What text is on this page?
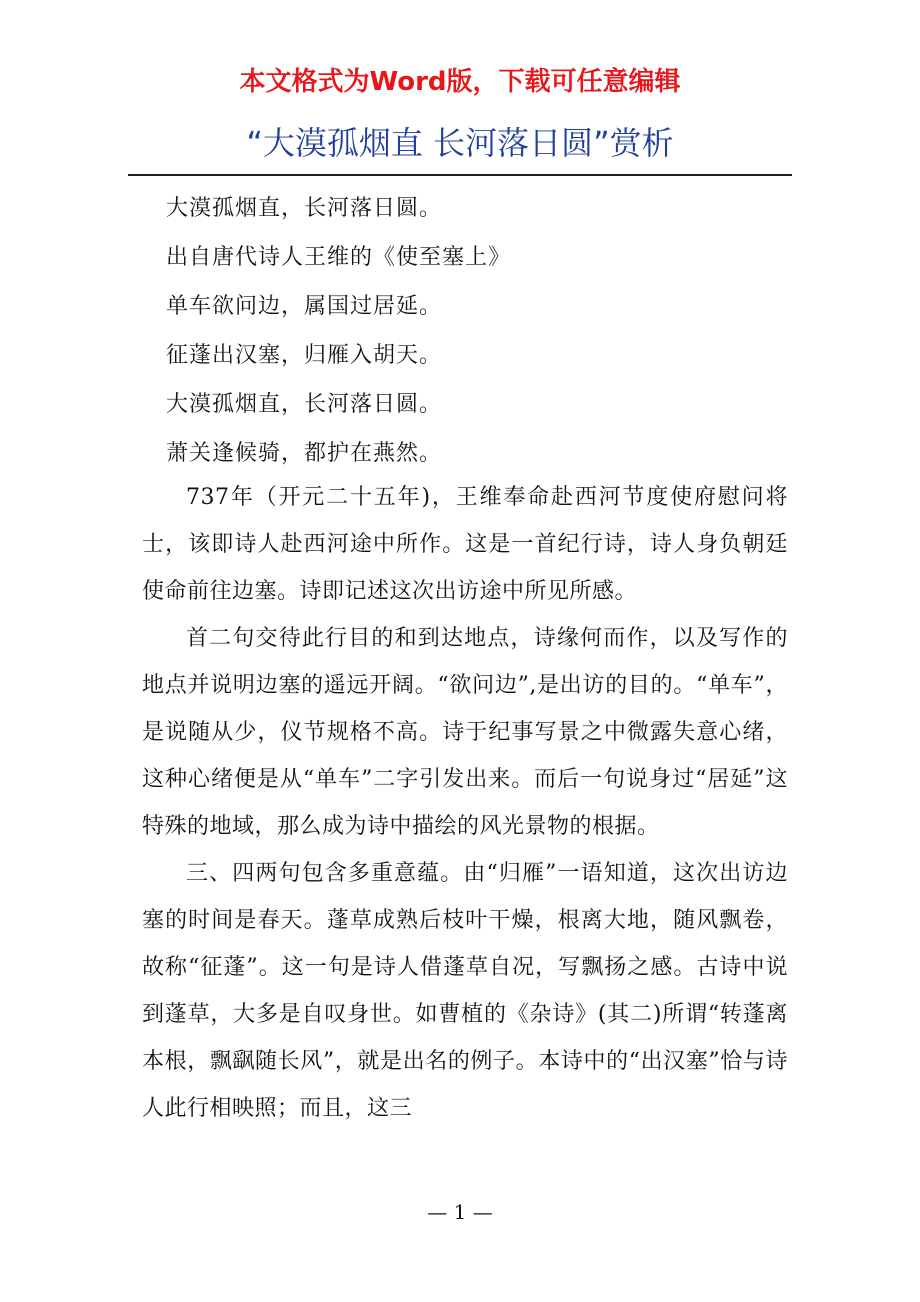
本文格式为Word版，下载可任意编辑
“大漠孤烟直 长河落日圆”赏析
大漠孤烟直，长河落日圆。
出自唐代诗人王维的《使至塞上》
单车欲问边，属国过居延。
征蓬出汉塞，归雁入胡天。
大漠孤烟直，长河落日圆。
萧关逢候骑，都护在燕然。

737年（开元二十五年)，王维奉命赴西河节度使府慰问将士，该即诗人赴西河途中所作。这是一首纪行诗，诗人身负朝廷使命前往边塞。诗即记述这次出访途中所见所感。

首二句交待此行目的和到达地点，诗缘何而作，以及写作的地点并说明边塞的遥远开阔。“欲问边”,是出访的目的。“单车”，是说随从少，仪节规格不高。诗于纪事写景之中微露失意心绪，这种心绪便是从“单车”二字引发出来。而后一句说身过“居延”这特殊的地域，那么成为诗中描绘的风光景物的根据。

三、四两句包含多重意蕴。由“归雁”一语知道，这次出访边塞的时间是春天。蓬草成熟后枝叶干燥，根离大地，随风飘卷，故称“征蓬”。这一句是诗人借蓬草自况，写飘扬之感。古诗中说到蓬草，大多是自叹身世。如曹植的《杂诗》(其二)所谓“转蓬离本根，飘飖随长风”，就是出名的例子。本诗中的“出汉塞”恰与诗人此行相映照；而且，这三

— 1 —
